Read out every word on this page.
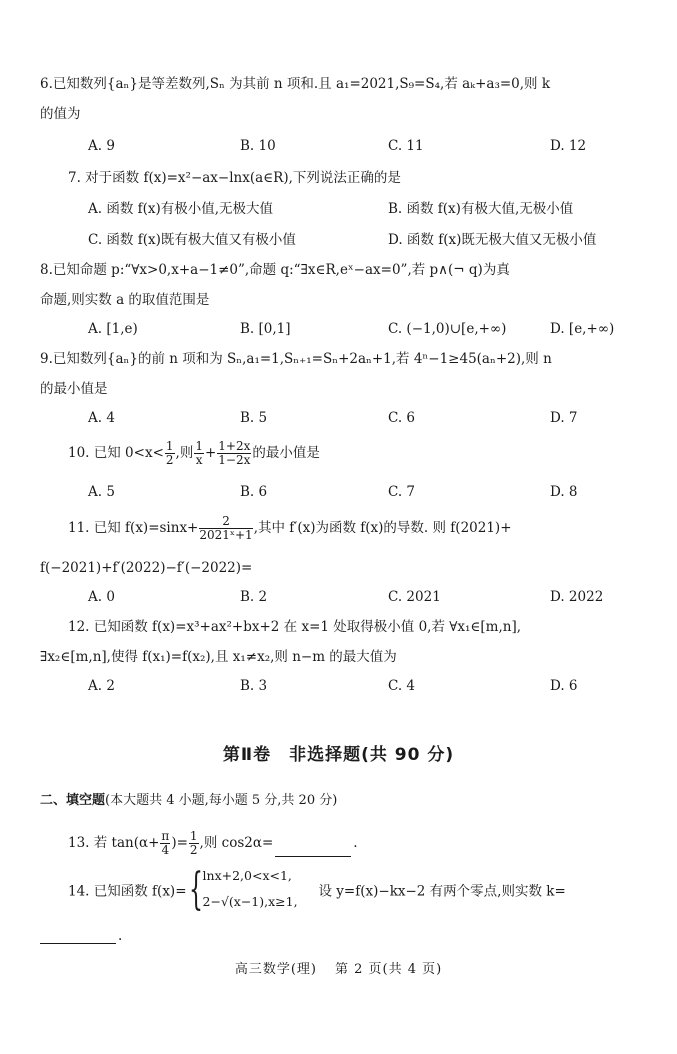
6.已知数列{aₙ}是等差数列,Sₙ 为其前 n 项和.且 a₁=2021,S₉=S₄,若 aₖ+a₃=0,则 k
的值为
A. 9	B. 10	C. 11	D. 12
7. 对于函数 f(x)=x²−ax−lnx(a∈R),下列说法正确的是
A. 函数 f(x)有极小值,无极大值	B. 函数 f(x)有极大值,无极小值
C. 函数 f(x)既有极大值又有极小值	D. 函数 f(x)既无极大值又无极小值
8.已知命题 p:“∀x>0,x+a−1≠0”,命题 q:“∃x∈R,eˣ−ax=0”,若 p∧(¬ q)为真
命题,则实数 a 的取值范围是
A. [1,e)	B. [0,1]	C. (−1,0)∪[e,+∞)	D. [e,+∞)
9.已知数列{aₙ}的前 n 项和为 Sₙ,a₁=1,Sₙ₊₁=Sₙ+2aₙ+1,若 4ⁿ−1≥45(aₙ+2),则 n
的最小值是
A. 4	B. 5	C. 6	D. 7
10. 已知 $0<x< \frac{1}{2}$ ,则 $\frac{1}{x} + \frac{1+2x}{1-2x}$ 的最小值是
A. 5	B. 6	C. 7	D. 8
11. 已知 $f(x)=\sin x+ \frac{2}{\text{2021ˣ+1}}$ ,其中 f′(x)为函数 f(x)的导数. 则 f(2021)+
f(−2021)+f′(2022)−f′(−2022)=
A. 0	B. 2	C. 2021	D. 2022
12. 已知函数 f(x)=x³+ax²+bx+2 在 x=1 处取得极小值 0,若 ∀x₁∈[m,n],
∃x₂∈[m,n],使得 f(x₁)=f(x₂),且 x₁≠x₂,则 n−m 的最大值为
A. 2	B. 3	C. 4	D. 6
第Ⅱ卷　非选择题(共 90 分)
二、填空题(本大题共 4 小题,每小题 5 分,共 20 分)
13. 若 $\tan(\alpha+ \frac{\pi}{4}$ )= $\frac{1}{2}$ ,则 cos2α=	.
14. 已知函数 f(x)= { lnx+2,0<x<1,
2−√(x−1),x≥1,
设 y=f(x)−kx−2 有两个零点,则实数 k=
.
高三数学(理) 第 2 页(共 4 页)
